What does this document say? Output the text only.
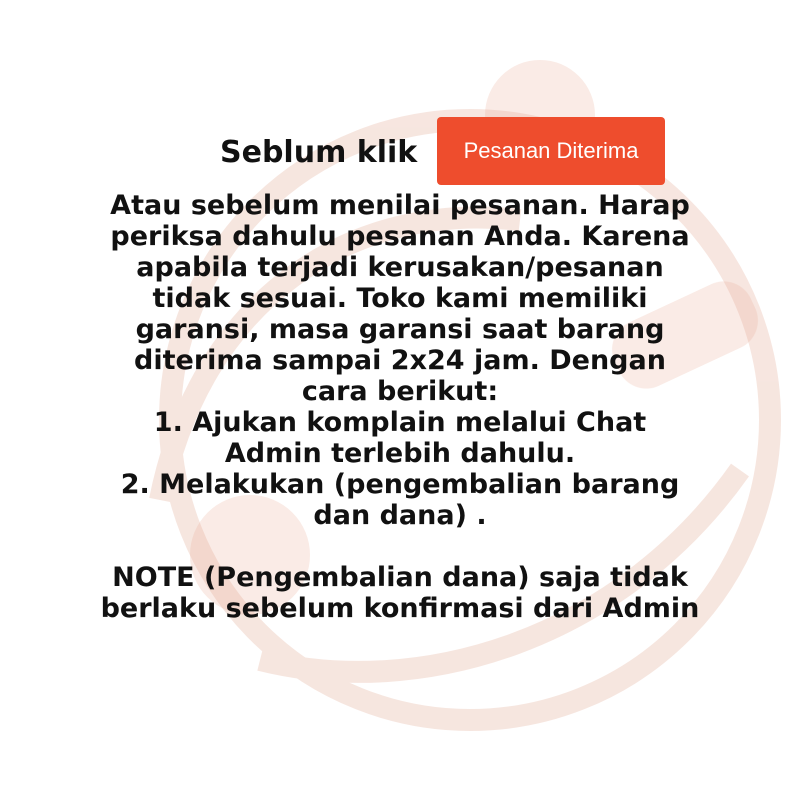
Seblum klik	Pesanan Diterima
Atau sebelum menilai pesanan. Harap
periksa dahulu pesanan Anda. Karena
apabila terjadi kerusakan/pesanan
tidak sesuai. Toko kami memiliki
garansi, masa garansi saat barang
diterima sampai 2x24 jam. Dengan
cara berikut:
1. Ajukan komplain melalui Chat
Admin terlebih dahulu.
2. Melakukan (pengembalian barang
dan dana) .
NOTE (Pengembalian dana) saja tidak
berlaku sebelum konfirmasi dari Admin
